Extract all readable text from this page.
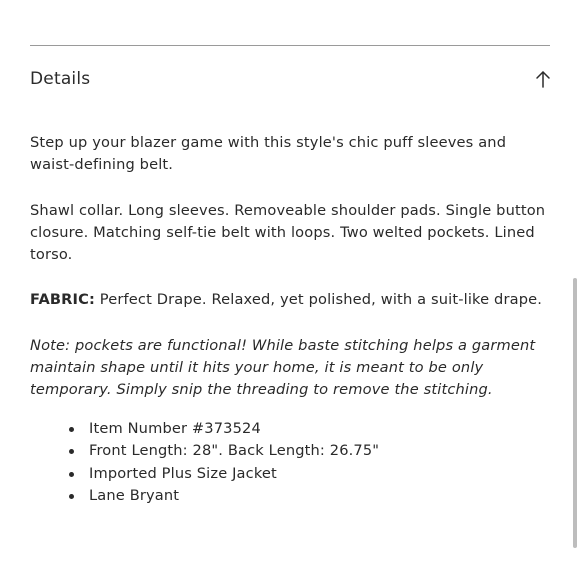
Details

Step up your blazer game with this style's chic puff sleeves and waist-defining belt.

Shawl collar. Long sleeves. Removeable shoulder pads. Single button closure. Matching self-tie belt with loops. Two welted pockets. Lined torso.

FABRIC: Perfect Drape. Relaxed, yet polished, with a suit-like drape.

Note: pockets are functional! While baste stitching helps a garment maintain shape until it hits your home, it is meant to be only temporary. Simply snip the threading to remove the stitching.

Item Number #373524
Front Length: 28". Back Length: 26.75"
Imported Plus Size Jacket
Lane Bryant
